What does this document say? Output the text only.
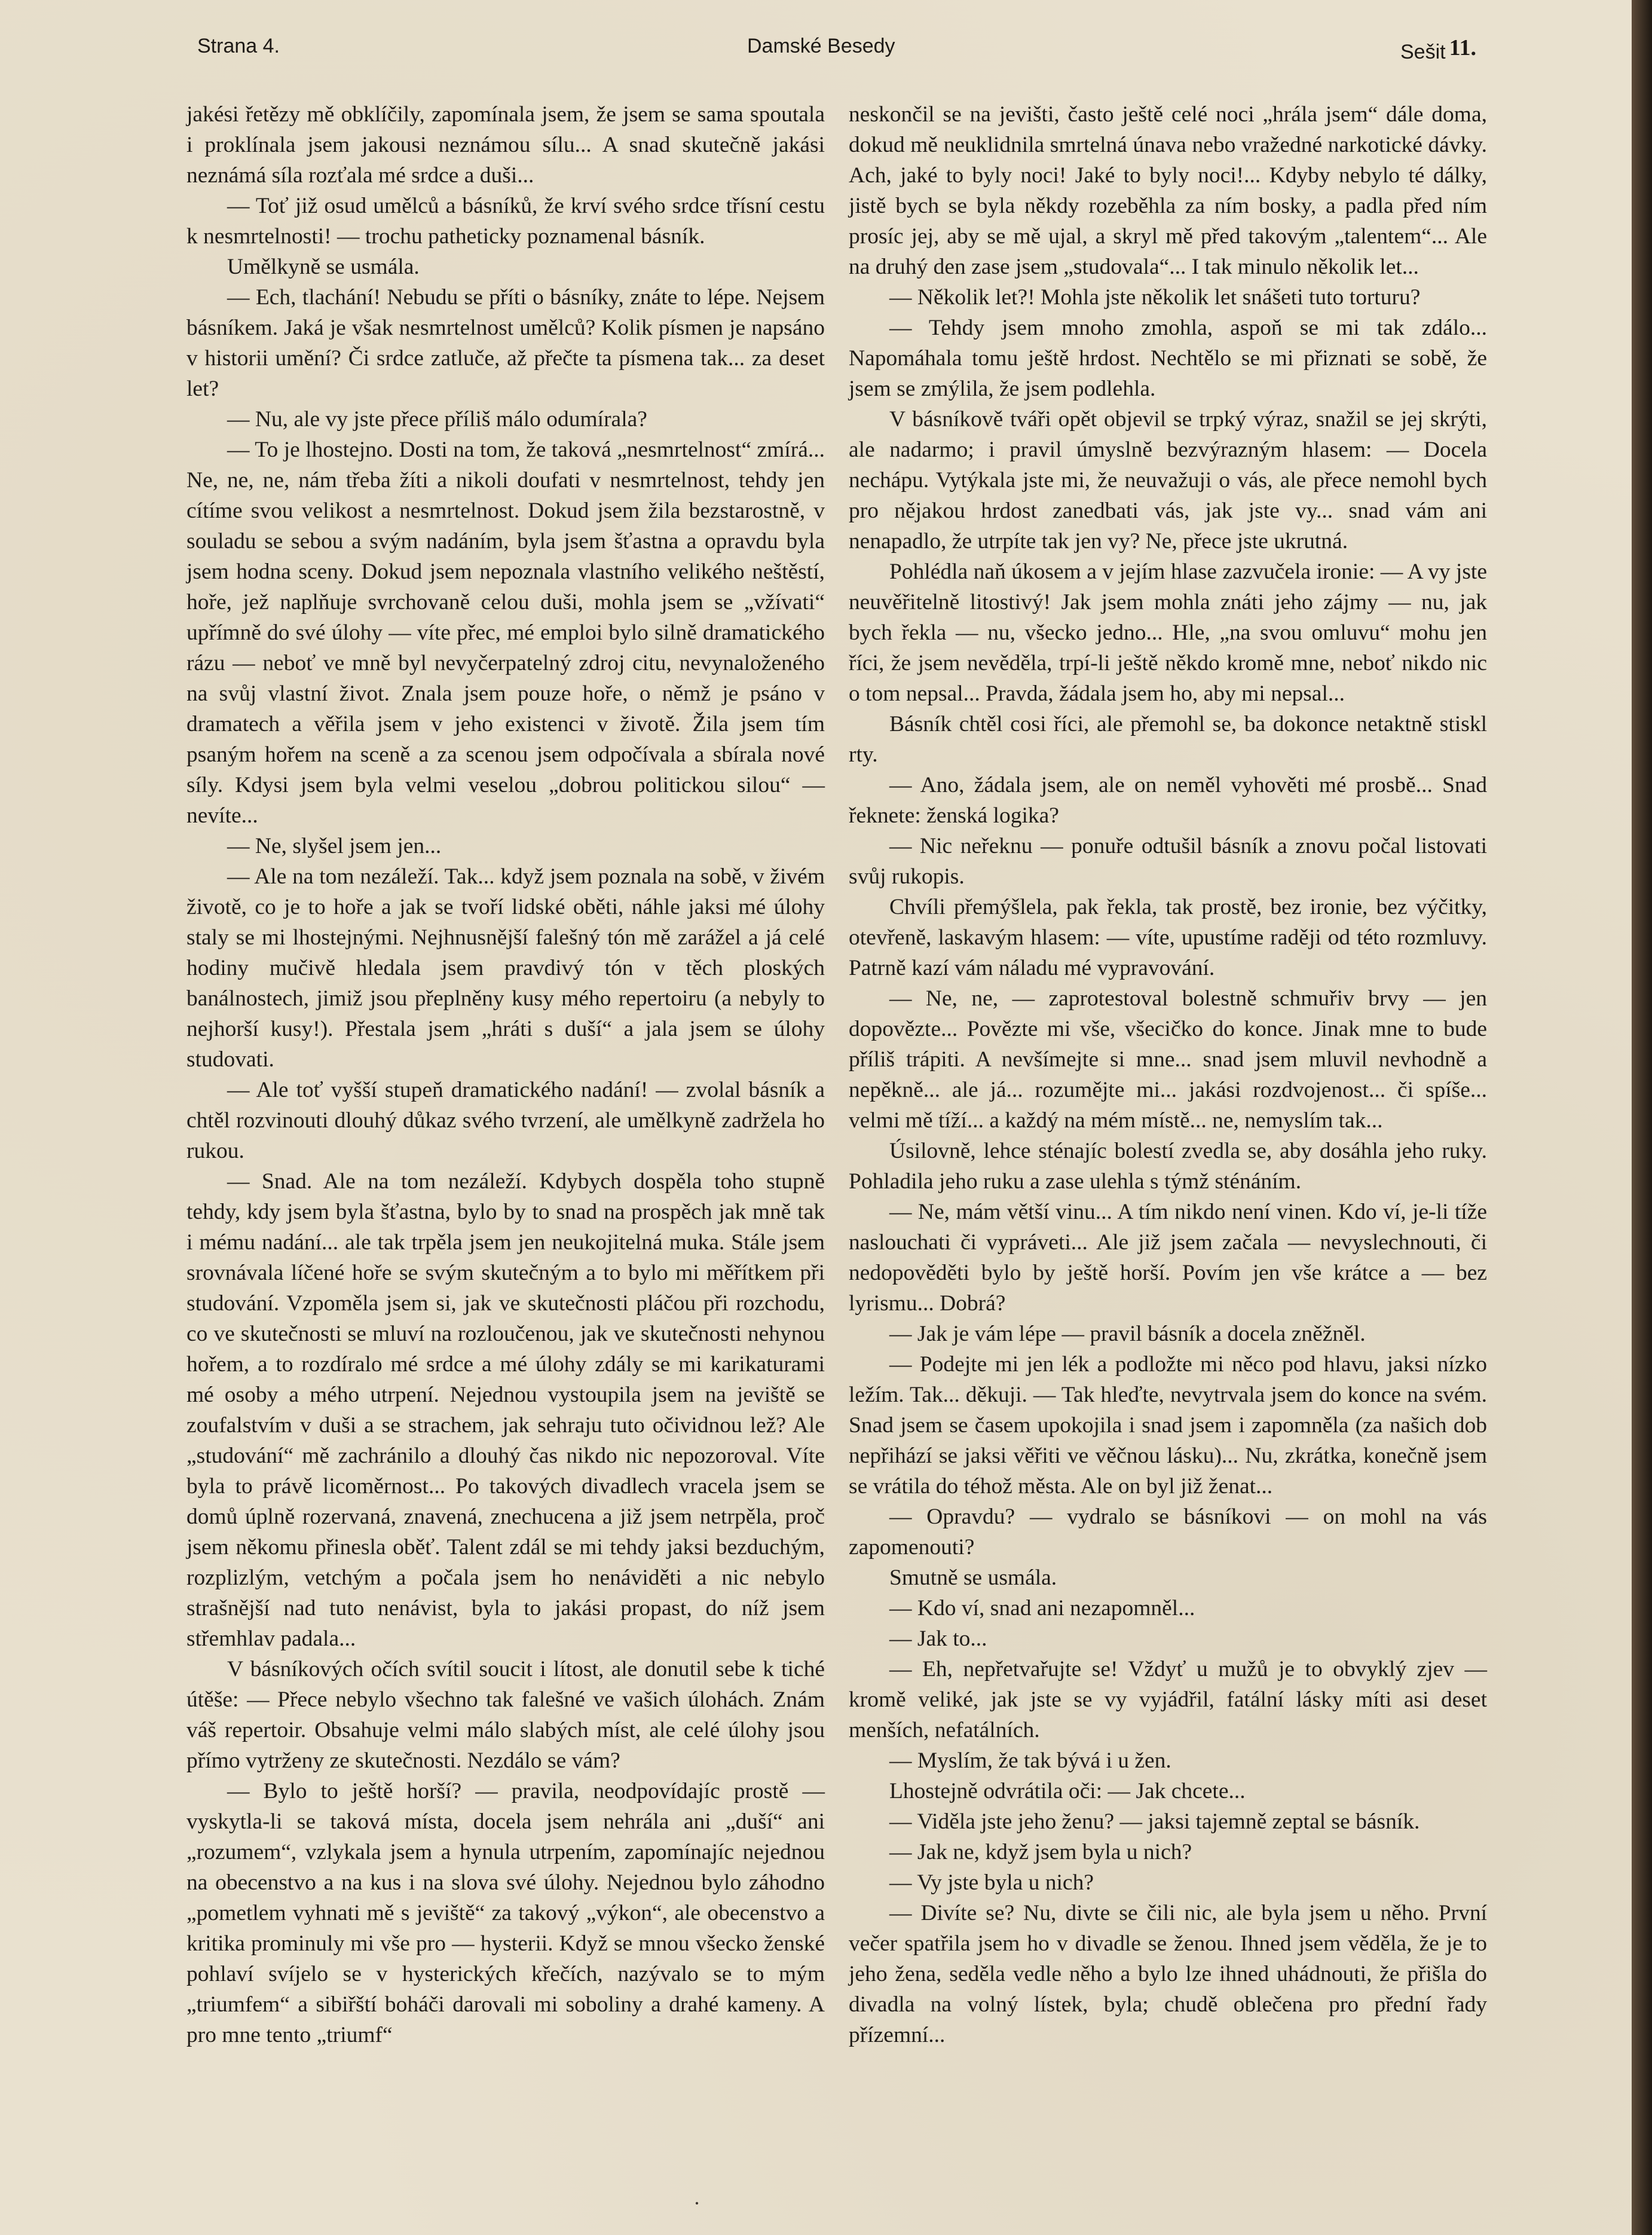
Strana 4.	Damské Besedy	Sešit 11.

jakési řetězy mě obklíčily, zapomínala jsem, že jsem se sama spoutala i proklínala jsem jakousi neznámou sílu... A snad skutečně jakási neznámá síla rozťala mé srdce a duši...

— Toť již osud umělců a básníků, že krví svého srdce třísní cestu k nesmrtelnosti! — trochu patheticky poznamenal básník.

Umělkyně se usmála.

— Ech, tlachání! Nebudu se příti o básníky, znáte to lépe. Nejsem básníkem. Jaká je však nesmrtelnost umělců? Kolik písmen je napsáno v historii umění? Či srdce zatluče, až přečte ta písmena tak... za deset let?

— Nu, ale vy jste přece příliš málo odumírala?

— To je lhostejno. Dosti na tom, že taková „nesmrtelnost“ zmírá... Ne, ne, ne, nám třeba žíti a nikoli doufati v nesmrtelnost, tehdy jen cítíme svou velikost a nesmrtelnost. Dokud jsem žila bezstarostně, v souladu se sebou a svým nadáním, byla jsem šťastna a opravdu byla jsem hodna sceny. Dokud jsem nepoznala vlastního velikého neštěstí, hoře, jež naplňuje svrchovaně celou duši, mohla jsem se „vžívati“ upřímně do své úlohy — víte přec, mé emploi bylo silně dramatického rázu — neboť ve mně byl nevyčerpatelný zdroj citu, nevynaloženého na svůj vlastní život. Znala jsem pouze hoře, o němž je psáno v dramatech a věřila jsem v jeho existenci v životě. Žila jsem tím psaným hořem na sceně a za scenou jsem odpočívala a sbírala nové síly. Kdysi jsem byla velmi veselou „dobrou politickou silou“ — nevíte...

— Ne, slyšel jsem jen...

— Ale na tom nezáleží. Tak... když jsem poznala na sobě, v živém životě, co je to hoře a jak se tvoří lidské oběti, náhle jaksi mé úlohy staly se mi lhostejnými. Nejhnusnější falešný tón mě zarážel a já celé hodiny mučivě hledala jsem pravdivý tón v těch ploských banálnostech, jimiž jsou přeplněny kusy mého repertoiru (a nebyly to nejhorší kusy!). Přestala jsem „hráti s duší“ a jala jsem se úlohy studovati.

— Ale toť vyšší stupeň dramatického nadání! — zvolal básník a chtěl rozvinouti dlouhý důkaz svého tvrzení, ale umělkyně zadržela ho rukou.

— Snad. Ale na tom nezáleží. Kdybych dospěla toho stupně tehdy, kdy jsem byla šťastna, bylo by to snad na prospěch jak mně tak i mému nadání... ale tak trpěla jsem jen neukojitelná muka. Stále jsem srovnávala líčené hoře se svým skutečným a to bylo mi měřítkem při studování. Vzpoměla jsem si, jak ve skutečnosti pláčou při rozchodu, co ve skutečnosti se mluví na rozloučenou, jak ve skutečnosti nehynou hořem, a to rozdíralo mé srdce a mé úlohy zdály se mi karikaturami mé osoby a mého utrpení. Nejednou vystoupila jsem na jeviště se zoufalstvím v duši a se strachem, jak sehraju tuto očividnou lež? Ale „studování“ mě zachránilo a dlouhý čas nikdo nic nepozoroval. Víte byla to právě licoměrnost... Po takových divadlech vracela jsem se domů úplně rozervaná, znavená, znechucena a již jsem netrpěla, proč jsem někomu přinesla oběť. Talent zdál se mi tehdy jaksi bezduchým, rozplizlým, vetchým a počala jsem ho nenáviděti a nic nebylo strašnější nad tuto nenávist, byla to jakási propast, do níž jsem střemhlav padala...

V básníkových očích svítil soucit i lítost, ale donutil sebe k tiché útěše: — Přece nebylo všechno tak falešné ve vašich úlohách. Znám váš repertoir. Obsahuje velmi málo slabých míst, ale celé úlohy jsou přímo vytrženy ze skutečnosti. Nezdálo se vám?

— Bylo to ještě horší? — pravila, neodpovídajíc prostě — vyskytla-li se taková místa, docela jsem nehrála ani „duší“ ani „rozumem“, vzlykala jsem a hynula utrpením, zapomínajíc nejednou na obecenstvo a na kus i na slova své úlohy. Nejednou bylo záhodno „pometlem vyhnati mě s jeviště“ za takový „výkon“, ale obecenstvo a kritika prominuly mi vše pro — hysterii. Když se mnou všecko ženské pohlaví svíjelo se v hysterických křečích, nazývalo se to mým „triumfem“ a sibiřští boháči darovali mi soboliny a drahé kameny. A pro mne tento „triumf“

neskončil se na jevišti, často ještě celé noci „hrála jsem“ dále doma, dokud mě neuklidnila smrtelná únava nebo vražedné narkotické dávky. Ach, jaké to byly noci! Jaké to byly noci!... Kdyby nebylo té dálky, jistě bych se byla někdy rozeběhla za ním bosky, a padla před ním prosíc jej, aby se mě ujal, a skryl mě před takovým „talentem“... Ale na druhý den zase jsem „studovala“... I tak minulo několik let...

— Několik let?! Mohla jste několik let snášeti tuto torturu?

— Tehdy jsem mnoho zmohla, aspoň se mi tak zdálo... Napomáhala tomu ještě hrdost. Nechtělo se mi přiznati se sobě, že jsem se zmýlila, že jsem podlehla.

V básníkově tváři opět objevil se trpký výraz, snažil se jej skrýti, ale nadarmo; i pravil úmyslně bezvýrazným hlasem: — Docela nechápu. Vytýkala jste mi, že neuvažuji o vás, ale přece nemohl bych pro nějakou hrdost zanedbati vás, jak jste vy... snad vám ani nenapadlo, že utrpíte tak jen vy? Ne, přece jste ukrutná.

Pohlédla naň úkosem a v jejím hlase zazvučela ironie: — A vy jste neuvěřitelně litostivý! Jak jsem mohla znáti jeho zájmy — nu, jak bych řekla — nu, všecko jedno... Hle, „na svou omluvu“ mohu jen říci, že jsem nevěděla, trpí-li ještě někdo kromě mne, neboť nikdo nic o tom nepsal... Pravda, žádala jsem ho, aby mi nepsal...

Básník chtěl cosi říci, ale přemohl se, ba dokonce netaktně stiskl rty.

— Ano, žádala jsem, ale on neměl vyhověti mé prosbě... Snad řeknete: ženská logika?

— Nic neřeknu — ponuře odtušil básník a znovu počal listovati svůj rukopis.

Chvíli přemýšlela, pak řekla, tak prostě, bez ironie, bez výčitky, otevřeně, laskavým hlasem: — víte, upustíme raději od této rozmluvy. Patrně kazí vám náladu mé vypravování.

— Ne, ne, — zaprotestoval bolestně schmuřiv brvy — jen dopovězte... Povězte mi vše, všecičko do konce. Jinak mne to bude příliš trápiti. A nevšímejte si mne... snad jsem mluvil nevhodně a nepěkně... ale já... rozumějte mi... jakási rozdvojenost... či spíše... velmi mě tíží... a každý na mém místě... ne, nemyslím tak...

Úsilovně, lehce sténajíc bolestí zvedla se, aby dosáhla jeho ruky. Pohladila jeho ruku a zase ulehla s týmž sténáním.

— Ne, mám větší vinu... A tím nikdo není vinen. Kdo ví, je-li tíže naslouchati či vypráveti... Ale již jsem začala — nevyslechnouti, či nedopověděti bylo by ještě horší. Povím jen vše krátce a — bez lyrismu... Dobrá?

— Jak je vám lépe — pravil básník a docela zněžněl.

— Podejte mi jen lék a podložte mi něco pod hlavu, jaksi nízko ležím. Tak... děkuji. — Tak hleďte, nevytrvala jsem do konce na svém. Snad jsem se časem upokojila i snad jsem i zapomněla (za našich dob nepřihází se jaksi věřiti ve věčnou lásku)... Nu, zkrátka, konečně jsem se vrátila do téhož města. Ale on byl již ženat...

— Opravdu? — vydralo se básníkovi — on mohl na vás zapomenouti?

Smutně se usmála.

— Kdo ví, snad ani nezapomněl...

— Jak to...

— Eh, nepřetvařujte se! Vždyť u mužů je to obvyklý zjev — kromě veliké, jak jste se vy vyjádřil, fatální lásky míti asi deset menších, nefatálních.

— Myslím, že tak bývá i u žen.

Lhostejně odvrátila oči: — Jak chcete...

— Viděla jste jeho ženu? — jaksi tajemně zeptal se básník.

— Jak ne, když jsem byla u nich?

— Vy jste byla u nich?

— Divíte se? Nu, divte se čili nic, ale byla jsem u něho. První večer spatřila jsem ho v divadle se ženou. Ihned jsem věděla, že je to jeho žena, seděla vedle něho a bylo lze ihned uhádnouti, že přišla do divadla na volný lístek, byla; chudě oblečena pro přední řady přízemní...

·
